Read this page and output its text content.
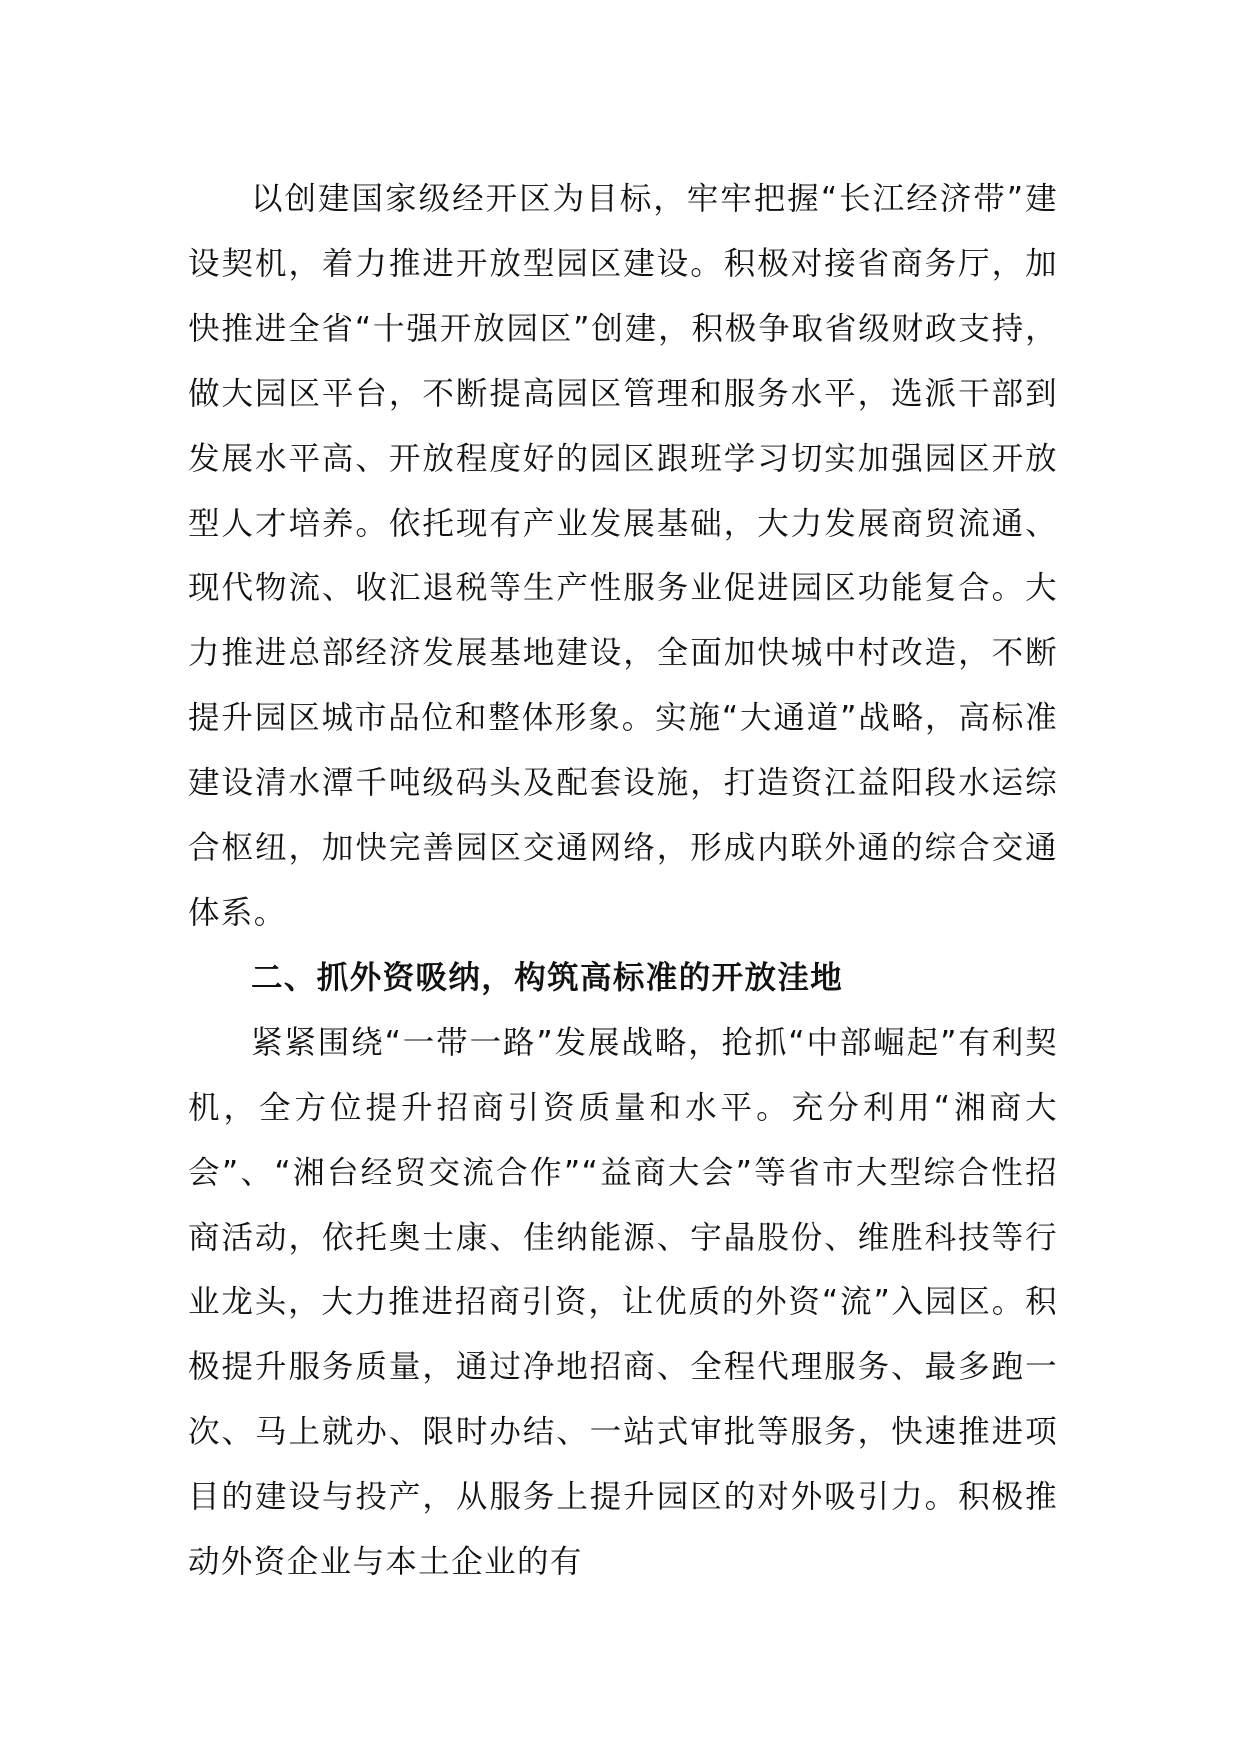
以创建国家级经开区为目标，牢牢把握“长江经济带”建设契机，着力推进开放型园区建设。积极对接省商务厅，加快推进全省“十强开放园区”创建，积极争取省级财政支持，做大园区平台，不断提高园区管理和服务水平，选派干部到发展水平高、开放程度好的园区跟班学习切实加强园区开放型人才培养。依托现有产业发展基础，大力发展商贸流通、现代物流、收汇退税等生产性服务业促进园区功能复合。大力推进总部经济发展基地建设，全面加快城中村改造，不断提升园区城市品位和整体形象。实施“大通道”战略，高标准建设清水潭千吨级码头及配套设施，打造资江益阳段水运综合枢纽，加快完善园区交通网络，形成内联外通的综合交通体系。

二、抓外资吸纳，构筑高标准的开放洼地

紧紧围绕“一带一路”发展战略，抢抓“中部崛起”有利契机，全方位提升招商引资质量和水平。充分利用“湘商大会”、“湘台经贸交流合作”“益商大会”等省市大型综合性招商活动，依托奥士康、佳纳能源、宇晶股份、维胜科技等行业龙头，大力推进招商引资，让优质的外资“流”入园区。积极提升服务质量，通过净地招商、全程代理服务、最多跑一次、马上就办、限时办结、一站式审批等服务，快速推进项目的建设与投产，从服务上提升园区的对外吸引力。积极推动外资企业与本土企业的有
